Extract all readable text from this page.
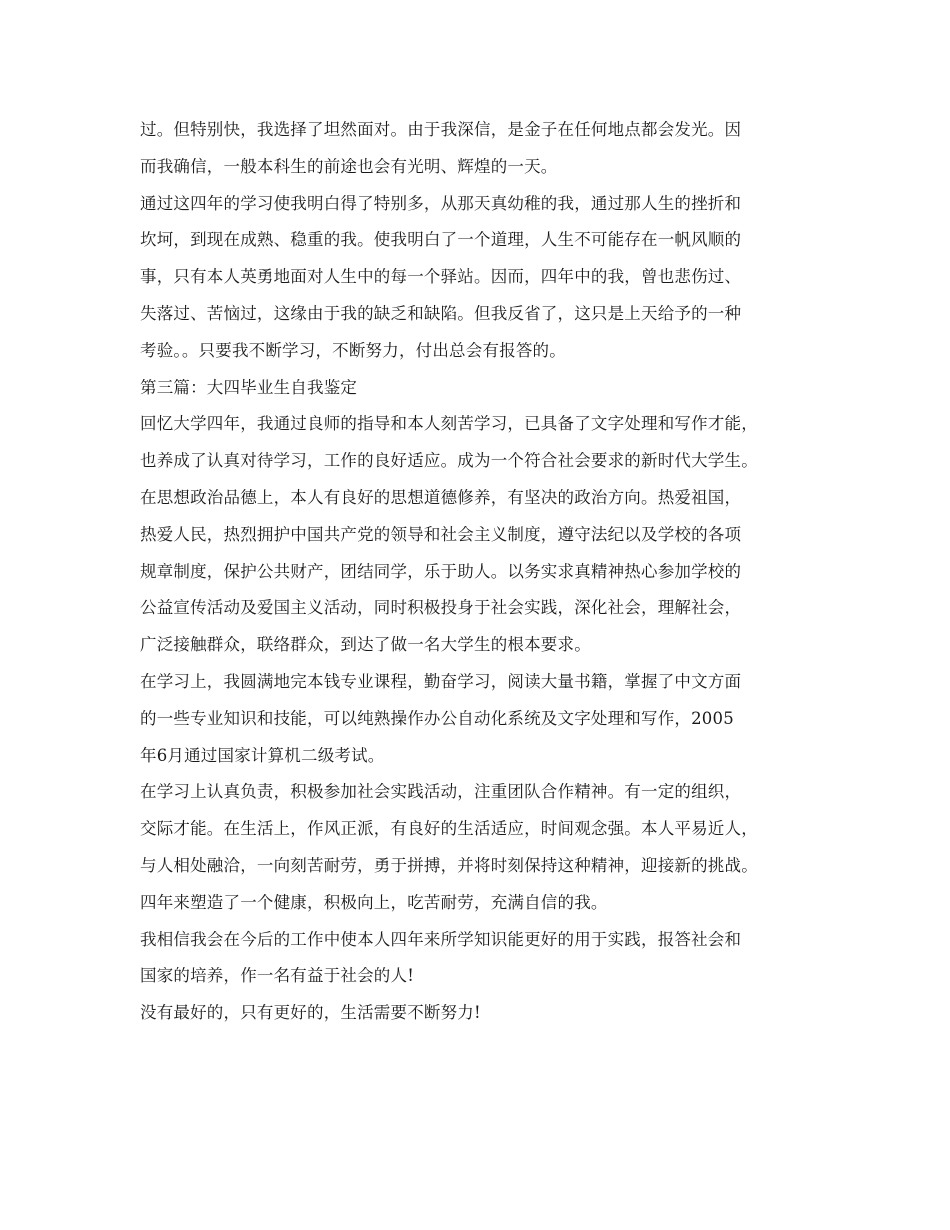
过。但特别快，我选择了坦然面对。由于我深信，是金子在任何地点都会发光。因
而我确信，一般本科生的前途也会有光明、辉煌的一天。
通过这四年的学习使我明白得了特别多，从那天真幼稚的我，通过那人生的挫折和
坎坷，到现在成熟、稳重的我。使我明白了一个道理，人生不可能存在一帆风顺的
事，只有本人英勇地面对人生中的每一个驿站。因而，四年中的我，曾也悲伤过、
失落过、苦恼过，这缘由于我的缺乏和缺陷。但我反省了，这只是上天给予的一种
考验。。只要我不断学习，不断努力，付出总会有报答的。
第三篇：大四毕业生自我鉴定
回忆大学四年，我通过良师的指导和本人刻苦学习，已具备了文字处理和写作才能，
也养成了认真对待学习，工作的良好适应。成为一个符合社会要求的新时代大学生。
在思想政治品德上，本人有良好的思想道德修养，有坚决的政治方向。热爱祖国，
热爱人民，热烈拥护中国共产党的领导和社会主义制度，遵守法纪以及学校的各项
规章制度，保护公共财产，团结同学，乐于助人。以务实求真精神热心参加学校的
公益宣传活动及爱国主义活动，同时积极投身于社会实践，深化社会，理解社会，
广泛接触群众，联络群众，到达了做一名大学生的根本要求。
在学习上，我圆满地完本钱专业课程，勤奋学习，阅读大量书籍，掌握了中文方面
的一些专业知识和技能，可以纯熟操作办公自动化系统及文字处理和写作，2005
年6月通过国家计算机二级考试。
在学习上认真负责，积极参加社会实践活动，注重团队合作精神。有一定的组织，
交际才能。在生活上，作风正派，有良好的生活适应，时间观念强。本人平易近人，
与人相处融洽，一向刻苦耐劳，勇于拼搏，并将时刻保持这种精神，迎接新的挑战。
四年来塑造了一个健康，积极向上，吃苦耐劳，充满自信的我。
我相信我会在今后的工作中使本人四年来所学知识能更好的用于实践，报答社会和
国家的培养，作一名有益于社会的人!
没有最好的，只有更好的，生活需要不断努力!
